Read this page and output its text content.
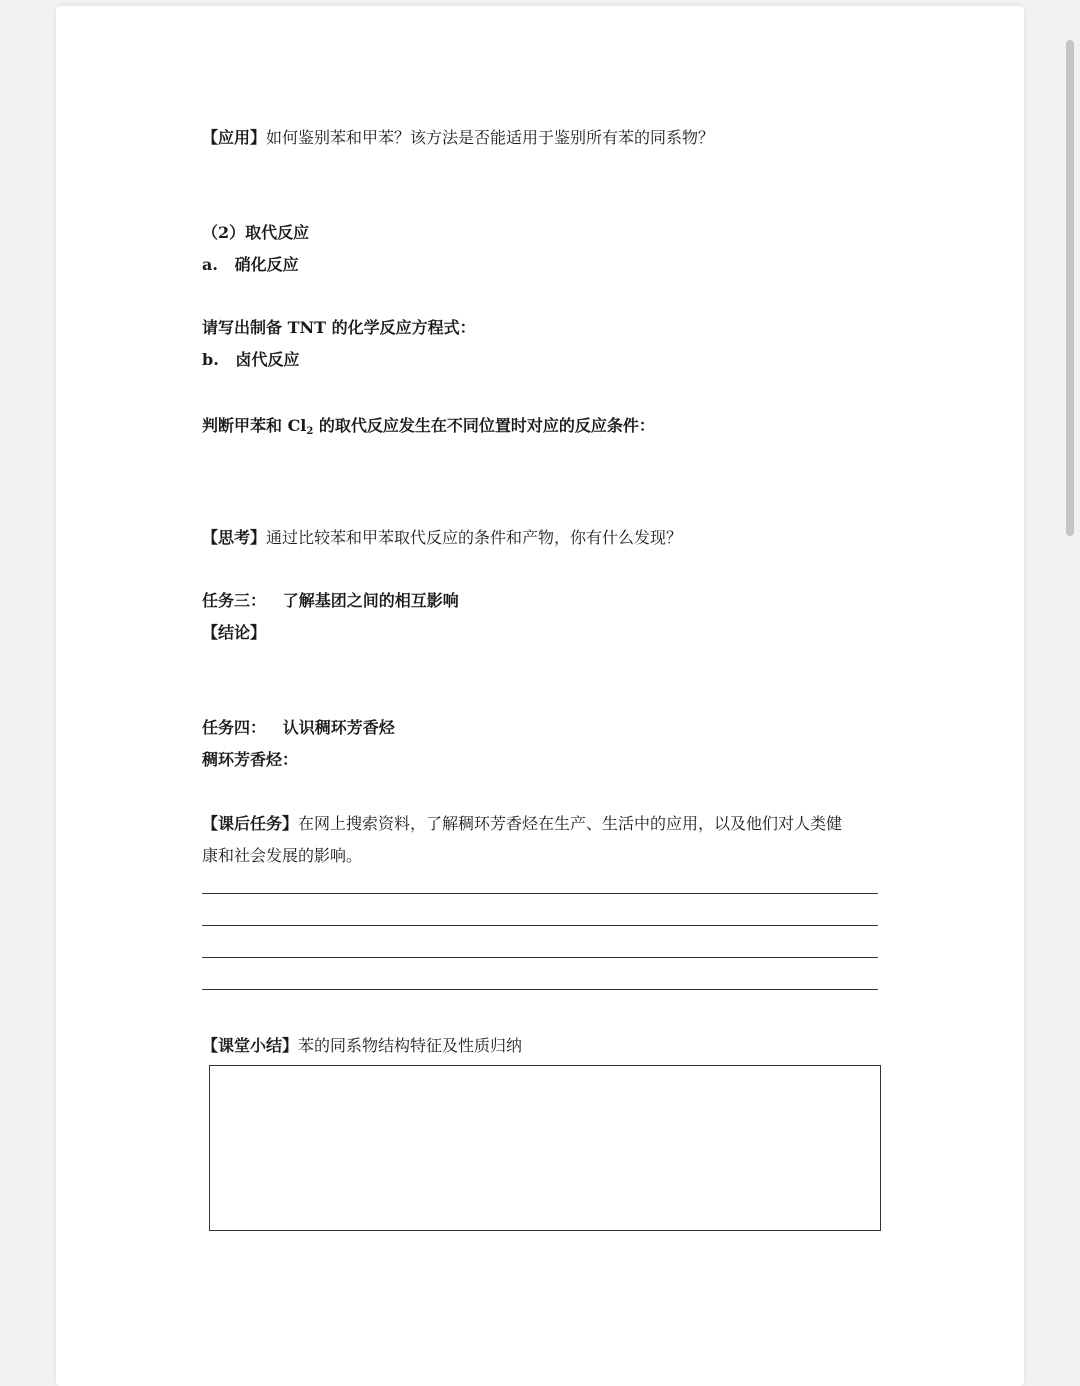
【应用】如何鉴别苯和甲苯？该方法是否能适用于鉴别所有苯的同系物？
（2）取代反应
a. 硝化反应
请写出制备 TNT 的化学反应方程式：
b. 卤代反应
判断甲苯和 $Cl_2$ 的取代反应发生在不同位置时对应的反应条件：
【思考】通过比较苯和甲苯取代反应的条件和产物，你有什么发现？
任务三： 了解基团之间的相互影响
【结论】
任务四： 认识稠环芳香烃
稠环芳香烃：
【课后任务】在网上搜索资料，了解稠环芳香烃在生产、生活中的应用，以及他们对人类健
康和社会发展的影响。
【课堂小结】苯的同系物结构特征及性质归纳
